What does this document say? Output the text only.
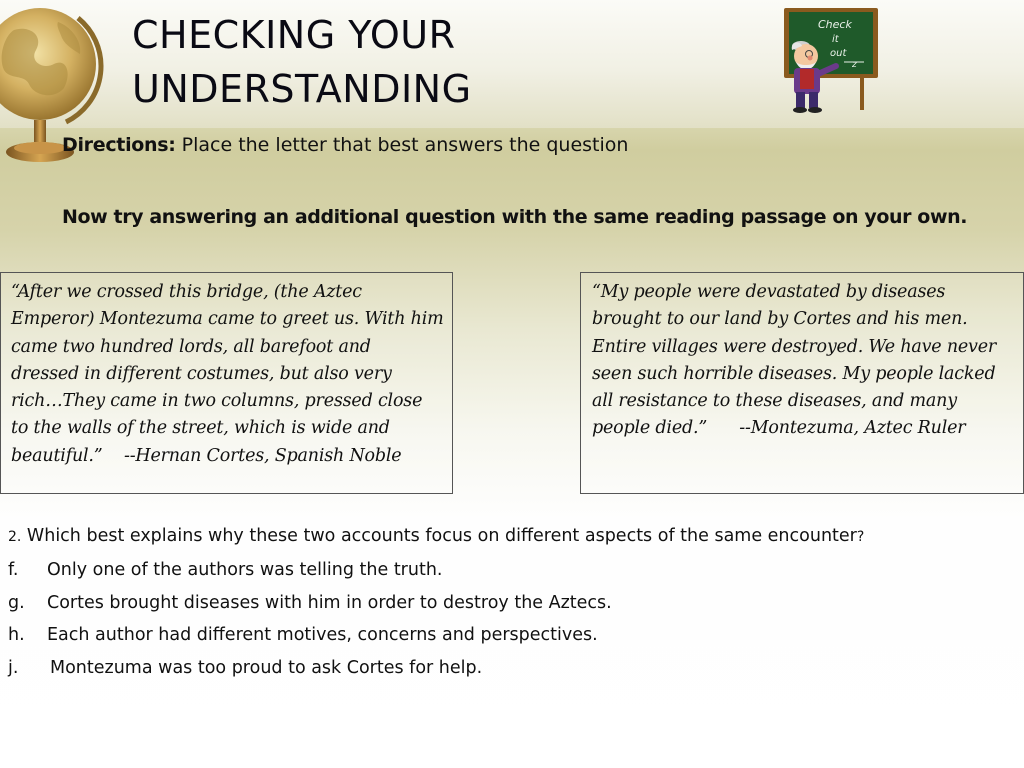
CHECKING YOUR
UNDERSTANDING
Check
it
out
z
Directions: Place the letter that best answers the question
Now try answering an additional question with the same reading passage on your own.
“After we crossed this bridge, (the Aztec Emperor) Montezuma came to greet us. With him came two hundred lords, all barefoot and dressed in different costumes, but also very rich…They came in two columns, pressed close to the walls of the street, which is wide and beautiful.” --Hernan Cortes, Spanish Noble
“My people were devastated by diseases brought to our land by Cortes and his men. Entire villages were destroyed. We have never seen such horrible diseases. My people lacked all resistance to these diseases, and many people died.” --Montezuma, Aztec Ruler
2. Which best explains why these two accounts focus on different aspects of the same encounter?
f.	Only one of the authors was telling the truth.
g.	Cortes brought diseases with him in order to destroy the Aztecs.
h.	Each author had different motives, concerns and perspectives.
j.	Montezuma was too proud to ask Cortes for help.
